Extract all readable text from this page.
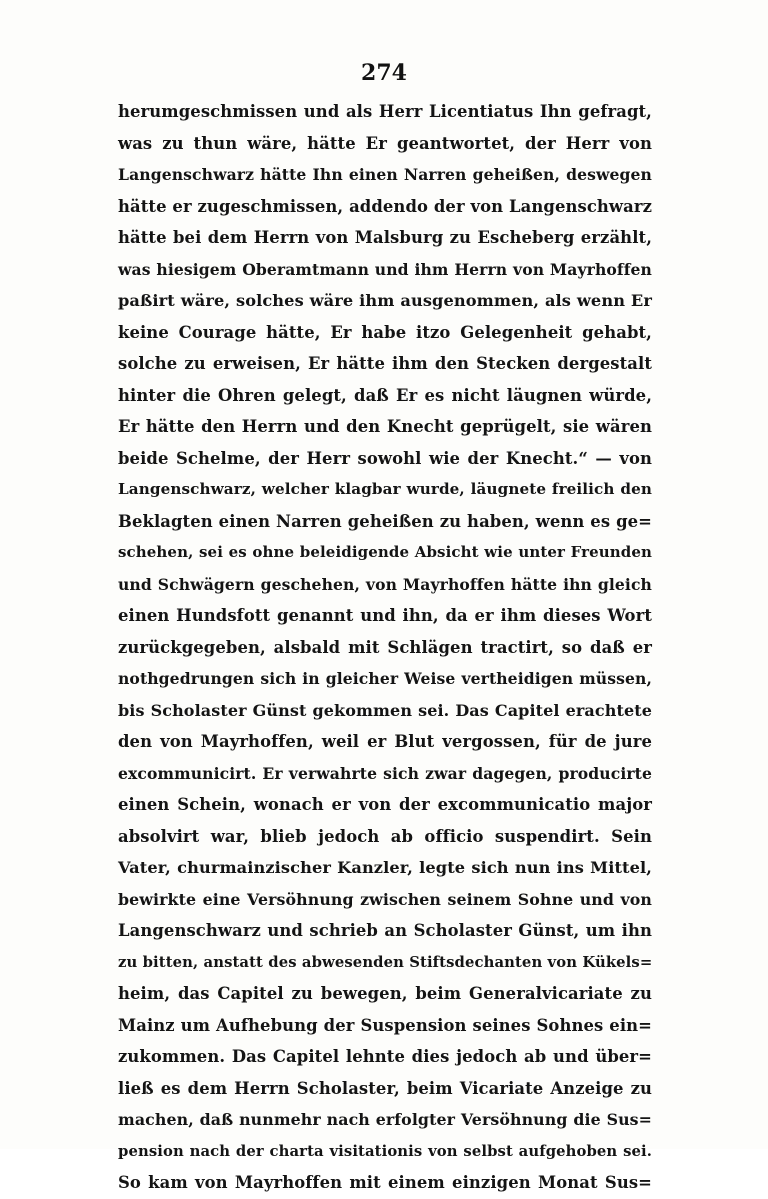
274
herumgeschmissen und als Herr Licentiatus Ihn gefragt,
was zu thun wäre, hätte Er geantwortet, der Herr von
Langenschwarz hätte Ihn einen Narren geheißen, deswegen
hätte er zugeschmissen, addendo der von Langenschwarz
hätte bei dem Herrn von Malsburg zu Escheberg erzählt,
was hiesigem Oberamtmann und ihm Herrn von Mayrhoffen
paßirt wäre, solches wäre ihm ausgenommen, als wenn Er
keine Courage hätte, Er habe itzo Gelegenheit gehabt,
solche zu erweisen, Er hätte ihm den Stecken dergestalt
hinter die Ohren gelegt, daß Er es nicht läugnen würde,
Er hätte den Herrn und den Knecht geprügelt, sie wären
beide Schelme, der Herr sowohl wie der Knecht.“ — von
Langenschwarz, welcher klagbar wurde, läugnete freilich den
Beklagten einen Narren geheißen zu haben, wenn es ge=
schehen, sei es ohne beleidigende Absicht wie unter Freunden
und Schwägern geschehen, von Mayrhoffen hätte ihn gleich
einen Hundsfott genannt und ihn, da er ihm dieses Wort
zurückgegeben, alsbald mit Schlägen tractirt, so daß er
nothgedrungen sich in gleicher Weise vertheidigen müssen,
bis Scholaster Günst gekommen sei. Das Capitel erachtete
den von Mayrhoffen, weil er Blut vergossen, für de jure
excommunicirt. Er verwahrte sich zwar dagegen, producirte
einen Schein, wonach er von der excommunicatio major
absolvirt war, blieb jedoch ab officio suspendirt. Sein
Vater, churmainzischer Kanzler, legte sich nun ins Mittel,
bewirkte eine Versöhnung zwischen seinem Sohne und von
Langenschwarz und schrieb an Scholaster Günst, um ihn
zu bitten, anstatt des abwesenden Stiftsdechanten von Kükels=
heim, das Capitel zu bewegen, beim Generalvicariate zu
Mainz um Aufhebung der Suspension seines Sohnes ein=
zukommen. Das Capitel lehnte dies jedoch ab und über=
ließ es dem Herrn Scholaster, beim Vicariate Anzeige zu
machen, daß nunmehr nach erfolgter Versöhnung die Sus=
pension nach der charta visitationis von selbst aufgehoben sei.
So kam von Mayrhoffen mit einem einzigen Monat Sus=
